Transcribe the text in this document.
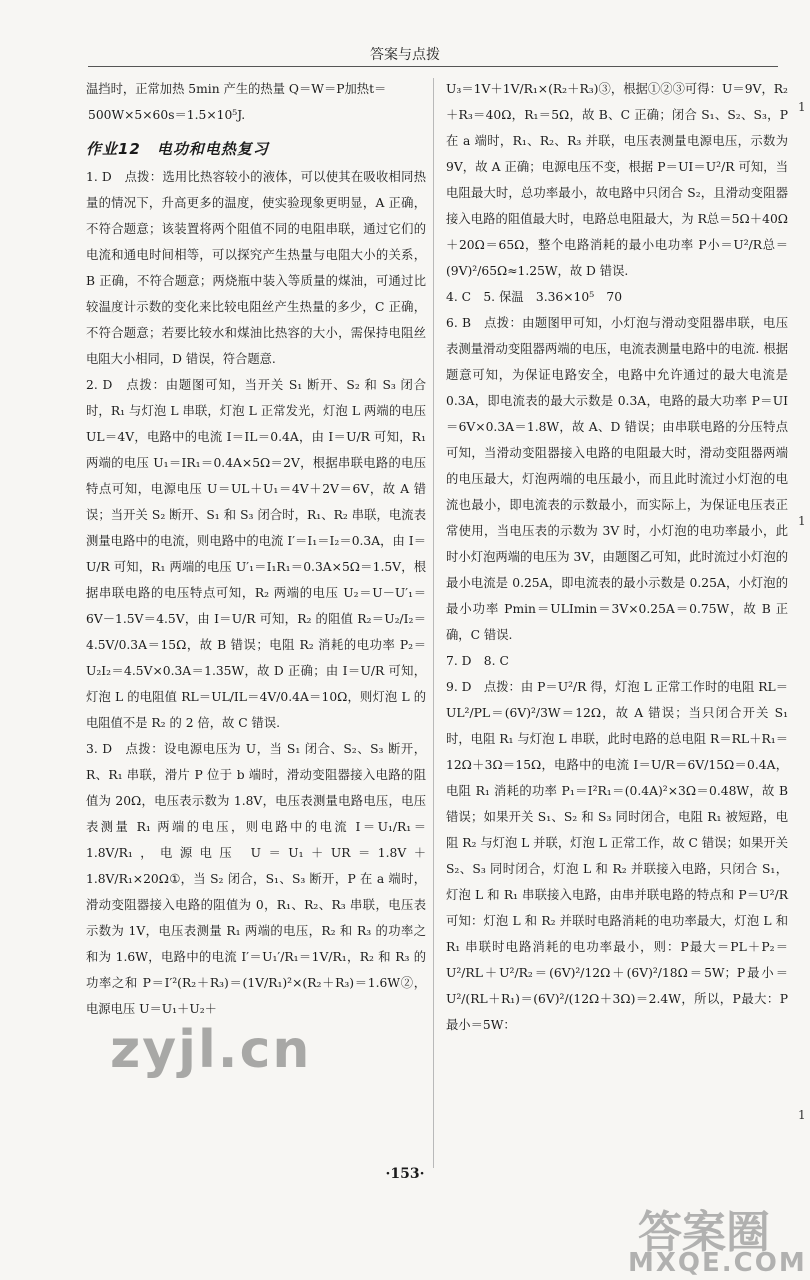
答案与点拨

温挡时，正常加热 5min 产生的热量 Q＝W＝P加热t＝

500W×5×60s＝1.5×10⁵J.

作业12　电功和电热复习

1. D　点拨：选用比热容较小的液体，可以使其在吸收相同热量的情况下，升高更多的温度，使实验现象更明显，A 正确，不符合题意；该装置将两个阻值不同的电阻串联，通过它们的电流和通电时间相等，可以探究产生热量与电阻大小的关系，B 正确，不符合题意；两烧瓶中装入等质量的煤油，可通过比较温度计示数的变化来比较电阻丝产生热量的多少，C 正确，不符合题意；若要比较水和煤油比热容的大小，需保持电阻丝电阻大小相同，D 错误，符合题意.

2. D　点拨：由题图可知，当开关 S₁ 断开、S₂ 和 S₃ 闭合时，R₁ 与灯泡 L 串联，灯泡 L 正常发光，灯泡 L 两端的电压 UL＝4V，电路中的电流 I＝IL＝0.4A，由 I＝U/R 可知，R₁ 两端的电压 U₁＝IR₁＝0.4A×5Ω＝2V，根据串联电路的电压特点可知，电源电压 U＝UL＋U₁＝4V＋2V＝6V，故 A 错误；当开关 S₂ 断开、S₁ 和 S₃ 闭合时，R₁、R₂ 串联，电流表测量电路中的电流，则电路中的电流 I′＝I₁＝I₂＝0.3A，由 I＝U/R 可知，R₁ 两端的电压 U′₁＝I₁R₁＝0.3A×5Ω＝1.5V，根据串联电路的电压特点可知，R₂ 两端的电压 U₂＝U－U′₁＝6V－1.5V＝4.5V，由 I＝U/R 可知，R₂ 的阻值 R₂＝U₂/I₂＝4.5V/0.3A＝15Ω，故 B 错误；电阻 R₂ 消耗的电功率 P₂＝U₂I₂＝4.5V×0.3A＝1.35W，故 D 正确；由 I＝U/R 可知，灯泡 L 的电阻值 RL＝UL/IL＝4V/0.4A＝10Ω，则灯泡 L 的电阻值不是 R₂ 的 2 倍，故 C 错误.

3. D　点拨：设电源电压为 U，当 S₁ 闭合、S₂、S₃ 断开，R、R₁ 串联，滑片 P 位于 b 端时，滑动变阻器接入电路的阻值为 20Ω，电压表示数为 1.8V，电压表测量电路电压，电压表测量 R₁ 两端的电压，则电路中的电流 I＝U₁/R₁＝1.8V/R₁，电源电压 U＝U₁＋UR＝1.8V＋1.8V/R₁×20Ω①，当 S₂ 闭合，S₁、S₃ 断开，P 在 a 端时，滑动变阻器接入电路的阻值为 0，R₁、R₂、R₃ 串联，电压表示数为 1V，电压表测量 R₁ 两端的电压，R₂ 和 R₃ 的功率之和为 1.6W，电路中的电流 I′＝U₁′/R₁＝1V/R₁，R₂ 和 R₃ 的功率之和 P＝I′²(R₂＋R₃)＝(1V/R₁)²×(R₂＋R₃)＝1.6W②，电源电压 U＝U₁＋U₂＋

U₃＝1V＋1V/R₁×(R₂＋R₃)③，根据①②③可得：U＝9V，R₂＋R₃＝40Ω，R₁＝5Ω，故 B、C 正确；闭合 S₁、S₂、S₃，P 在 a 端时，R₁、R₂、R₃ 并联，电压表测量电源电压，示数为 9V，故 A 正确；电源电压不变，根据 P＝UI＝U²/R 可知，当电阻最大时，总功率最小，故电路中只闭合 S₂，且滑动变阻器接入电路的阻值最大时，电路总电阻最大，为 R总＝5Ω＋40Ω＋20Ω＝65Ω，整个电路消耗的最小电功率 P小＝U²/R总＝(9V)²/65Ω≈1.25W，故 D 错误.

4. C　5. 保温　3.36×10⁵　70

6. B　点拨：由题图甲可知，小灯泡与滑动变阻器串联，电压表测量滑动变阻器两端的电压，电流表测量电路中的电流. 根据题意可知，为保证电路安全，电路中允许通过的最大电流是 0.3A，即电流表的最大示数是 0.3A，电路的最大功率 P＝UI＝6V×0.3A＝1.8W，故 A、D 错误；由串联电路的分压特点可知，当滑动变阻器接入电路的电阻最大时，滑动变阻器两端的电压最大，灯泡两端的电压最小，而且此时流过小灯泡的电流也最小，即电流表的示数最小，而实际上，为保证电压表正常使用，当电压表的示数为 3V 时，小灯泡的电功率最小，此时小灯泡两端的电压为 3V，由题图乙可知，此时流过小灯泡的最小电流是 0.25A，即电流表的最小示数是 0.25A，小灯泡的最小功率 Pmin＝ULImin＝3V×0.25A＝0.75W，故 B 正确，C 错误.

7. D　8. C

9. D　点拨：由 P＝U²/R 得，灯泡 L 正常工作时的电阻 RL＝UL²/PL＝(6V)²/3W＝12Ω，故 A 错误；当只闭合开关 S₁ 时，电阻 R₁ 与灯泡 L 串联，此时电路的总电阻 R＝RL＋R₁＝12Ω＋3Ω＝15Ω，电路中的电流 I＝U/R＝6V/15Ω＝0.4A，电阻 R₁ 消耗的功率 P₁＝I²R₁＝(0.4A)²×3Ω＝0.48W，故 B 错误；如果开关 S₁、S₂ 和 S₃ 同时闭合，电阻 R₁ 被短路，电阻 R₂ 与灯泡 L 并联，灯泡 L 正常工作，故 C 错误；如果开关 S₂、S₃ 同时闭合，灯泡 L 和 R₂ 并联接入电路，只闭合 S₁，灯泡 L 和 R₁ 串联接入电路，由串并联电路的特点和 P＝U²/R 可知：灯泡 L 和 R₂ 并联时电路消耗的电功率最大，灯泡 L 和 R₁ 串联时电路消耗的电功率最小，则：P最大＝PL＋P₂＝U²/RL＋U²/R₂＝(6V)²/12Ω＋(6V)²/18Ω＝5W；P最小＝U²/(RL＋R₁)＝(6V)²/(12Ω＋3Ω)＝2.4W，所以，P最大：P最小＝5W：

·153·
zyjl.cn
答案圈
MXQE.COM
1
1
1
